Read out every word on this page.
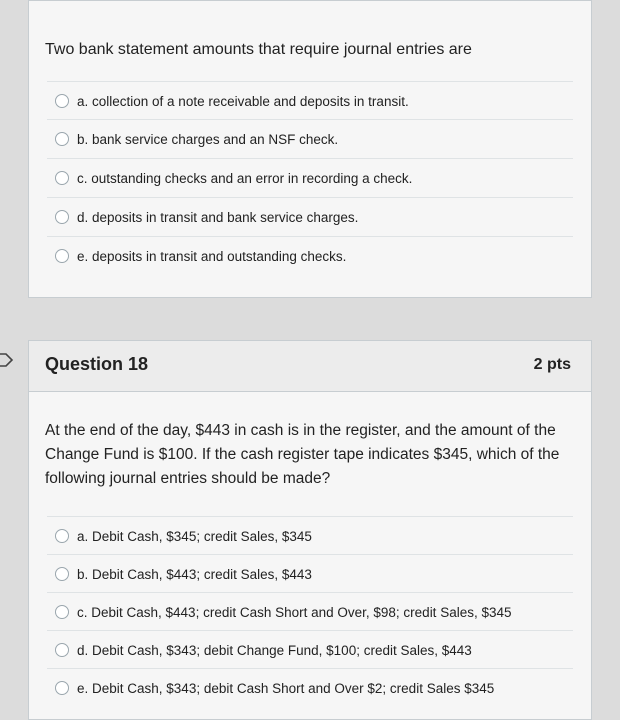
Two bank statement amounts that require journal entries are
a. collection of a note receivable and deposits in transit.
b. bank service charges and an NSF check.
c. outstanding checks and an error in recording a check.
d. deposits in transit and bank service charges.
e. deposits in transit and outstanding checks.
Question 18	2 pts
At the end of the day, $443 in cash is in the register, and the amount of the Change Fund is $100. If the cash register tape indicates $345, which of the following journal entries should be made?
a. Debit Cash, $345; credit Sales, $345
b. Debit Cash, $443; credit Sales, $443
c. Debit Cash, $443; credit Cash Short and Over, $98; credit Sales, $345
d. Debit Cash, $343; debit Change Fund, $100; credit Sales, $443
e. Debit Cash, $343; debit Cash Short and Over $2; credit Sales $345
